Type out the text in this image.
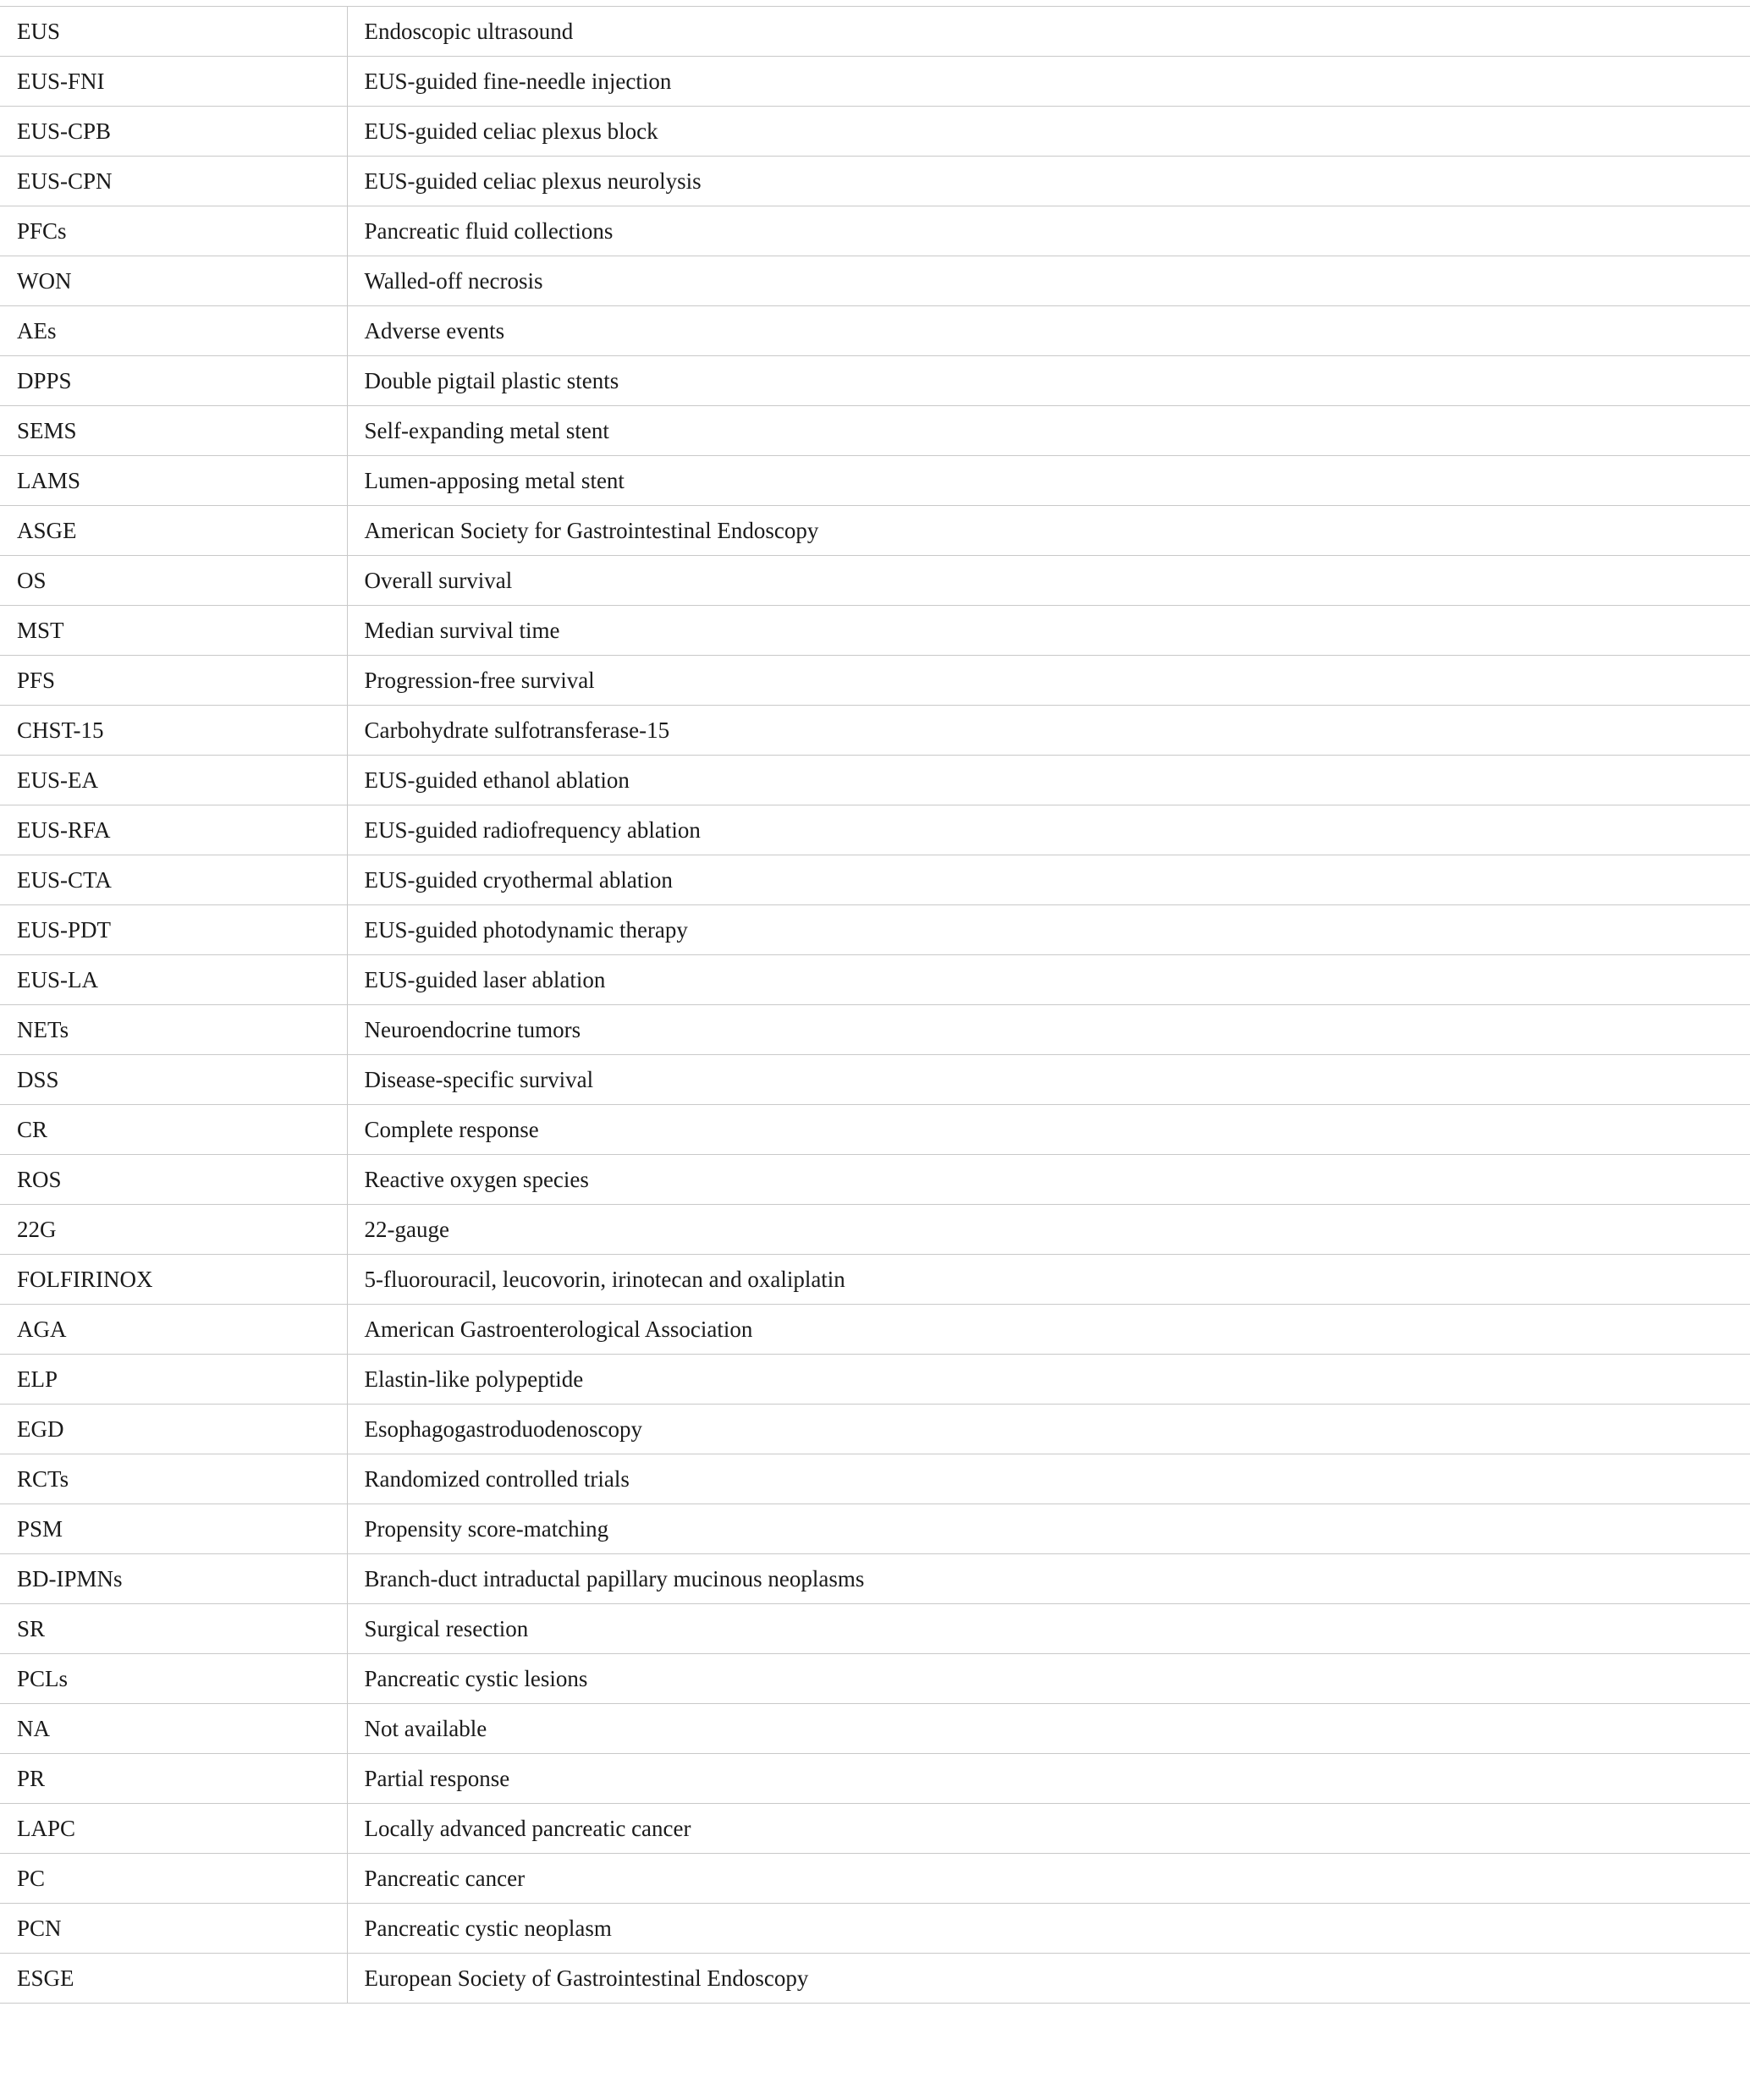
EUS	Endoscopic ultrasound
EUS-FNI	EUS-guided fine-needle injection
EUS-CPB	EUS-guided celiac plexus block
EUS-CPN	EUS-guided celiac plexus neurolysis
PFCs	Pancreatic fluid collections
WON	Walled-off necrosis
AEs	Adverse events
DPPS	Double pigtail plastic stents
SEMS	Self-expanding metal stent
LAMS	Lumen-apposing metal stent
ASGE	American Society for Gastrointestinal Endoscopy
OS	Overall survival
MST	Median survival time
PFS	Progression-free survival
CHST-15	Carbohydrate sulfotransferase-15
EUS-EA	EUS-guided ethanol ablation
EUS-RFA	EUS-guided radiofrequency ablation
EUS-CTA	EUS-guided cryothermal ablation
EUS-PDT	EUS-guided photodynamic therapy
EUS-LA	EUS-guided laser ablation
NETs	Neuroendocrine tumors
DSS	Disease-specific survival
CR	Complete response
ROS	Reactive oxygen species
22G	22-gauge
FOLFIRINOX	5-fluorouracil, leucovorin, irinotecan and oxaliplatin
AGA	American Gastroenterological Association
ELP	Elastin-like polypeptide
EGD	Esophagogastroduodenoscopy
RCTs	Randomized controlled trials
PSM	Propensity score-matching
BD-IPMNs	Branch-duct intraductal papillary mucinous neoplasms
SR	Surgical resection
PCLs	Pancreatic cystic lesions
NA	Not available
PR	Partial response
LAPC	Locally advanced pancreatic cancer
PC	Pancreatic cancer
PCN	Pancreatic cystic neoplasm
ESGE	European Society of Gastrointestinal Endoscopy
